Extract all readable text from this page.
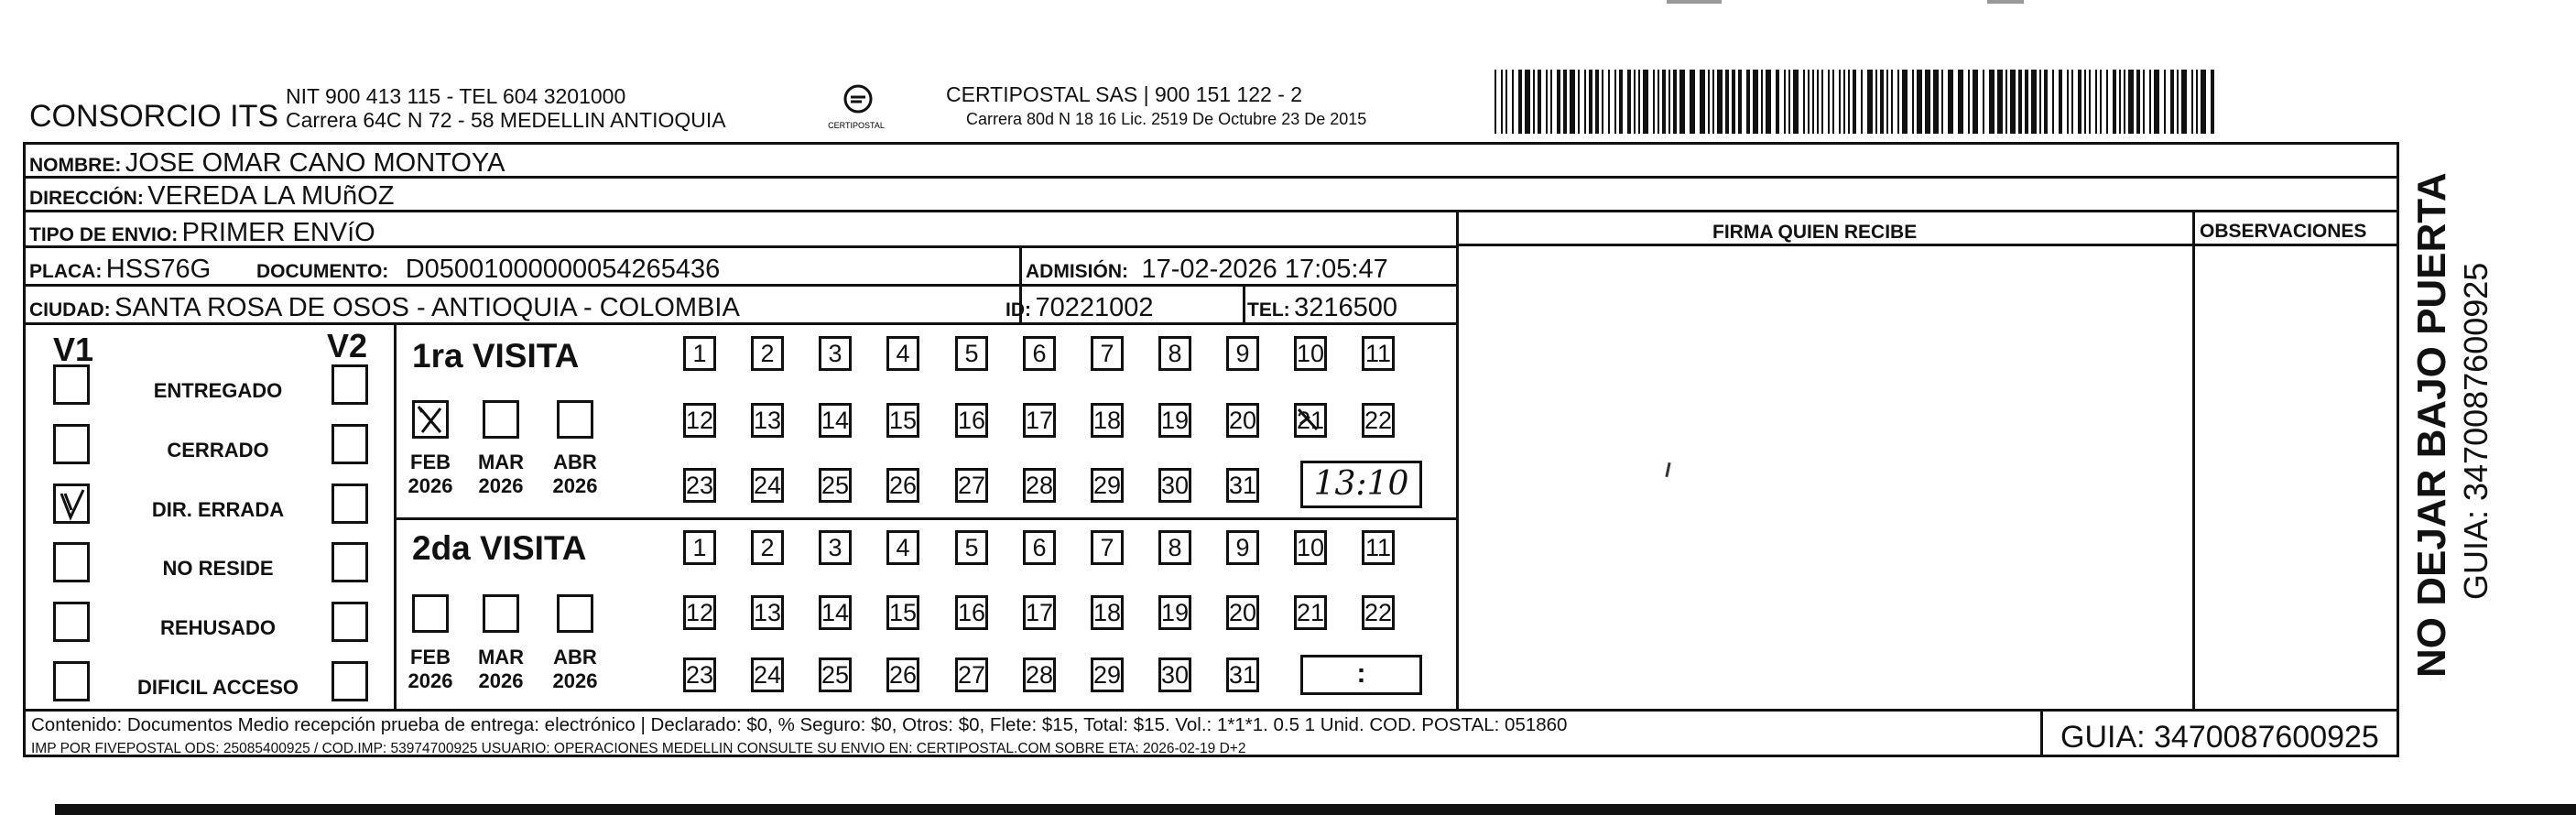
CONSORCIO ITS
NIT 900 413 115 - TEL 604 3201000
Carrera 64C N 72 - 58 MEDELLIN ANTIOQUIA	CERTIPOSTAL
CERTIPOSTAL SAS | 900 151 122 - 2
Carrera 80d N 18 16 Lic. 2519 De Octubre 23 De 2015
NOMBRE: JOSE OMAR CANO MONTOYA
DIRECCIÓN: VEREDA LA MUñOZ
TIPO DE ENVIO: PRIMER ENVíO	FIRMA QUIEN RECIBE	OBSERVACIONES
PLACA: HSS76G DOCUMENTO: D05001000000054265436	ADMISIÓN: 17-02-2026 17:05:47
CIUDAD: SANTA ROSA DE OSOS - ANTIOQUIA - COLOMBIA	ID: 70221002	TEL: 3216500
V1	V2
ENTREGADO
CERRADO
DIR. ERRADA
NO RESIDE
REHUSADO
DIFICIL ACCESO
1ra VISITA
2da VISITA
FEB
2026
MAR
2026
ABR
2026
FEB
2026
MAR
2026
ABR
2026
1	2	3	4	5	6	7	8	9	10 11
12 13 14 15 16 17 18 19 20 21 22
23 24 25 26 27 28 29 30 31
1	2	3	4	5	6	7	8	9	10 11
12 13 14 15 16 17 18 19 20 21 22
23 24 25 26 27 28 29 30 31
13:10
:
Contenido: Documentos Medio recepción prueba de entrega: electrónico | Declarado: $0, % Seguro: $0, Otros: $0, Flete: $15, Total: $15. Vol.: 1*1*1. 0.5 1 Unid. COD. POSTAL: 051860
IMP POR FIVEPOSTAL ODS: 25085400925 / COD.IMP: 53974700925 USUARIO: OPERACIONES MEDELLIN CONSULTE SU ENVIO EN: CERTIPOSTAL.COM SOBRE ETA: 2026-02-19 D+2	GUIA: 3470087600925
NO DEJAR BAJO PUERTA GUIA: 3470087600925
